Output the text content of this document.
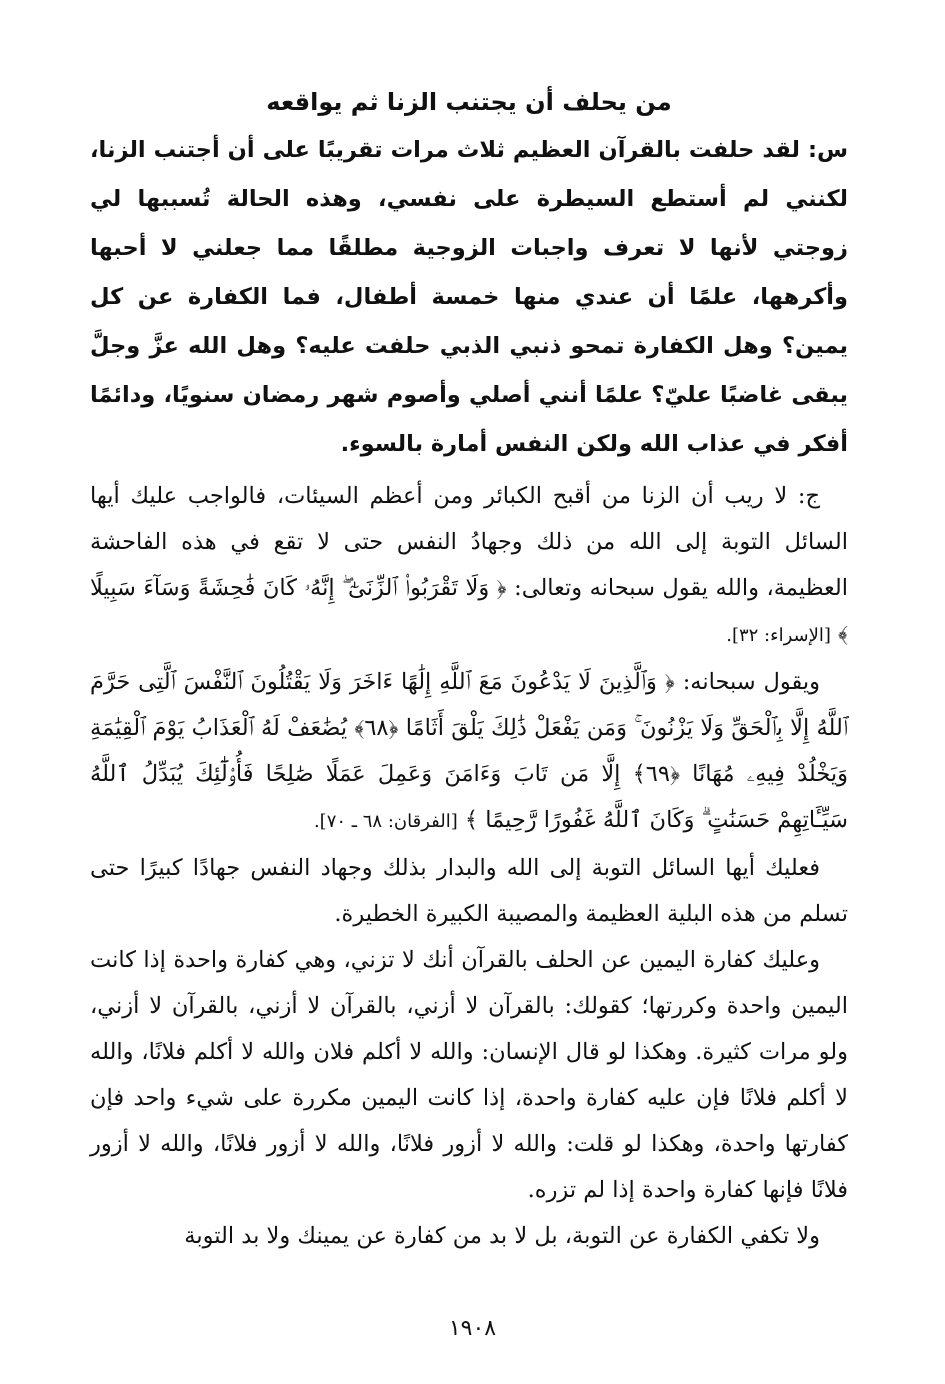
من يحلف أن يجتنب الزنا ثم يواقعه

س: لقد حلفت بالقرآن العظيم ثلاث مرات تقريبًا على أن أجتنب الزنا، لكنني لم أستطع السيطرة على نفسي، وهذه الحالة تُسببها لي زوجتي لأنها لا تعرف واجبات الزوجية مطلقًا مما جعلني لا أحبها وأكرهها، علمًا أن عندي منها خمسة أطفال، فما الكفارة عن كل يمين؟ وهل الكفارة تمحو ذنبي الذبي حلفت عليه؟ وهل الله عزَّ وجلَّ يبقى غاضبًا عليّ؟ علمًا أنني أصلي وأصوم شهر رمضان سنويًا، ودائمًا أفكر في عذاب الله ولكن النفس أمارة بالسوء.

ج: لا ريب أن الزنا من أقبح الكبائر ومن أعظم السيئات، فالواجب عليك أيها السائل التوبة إلى الله من ذلك وجهادُ النفس حتى لا تقع في هذه الفاحشة العظيمة، والله يقول سبحانه وتعالى: ﴿ وَلَا تَقْرَبُوا۟ ٱلزِّنَىٰٓ ۖ إِنَّهُۥ كَانَ فَٰحِشَةً وَسَآءَ سَبِيلًا ﴾ [الإسراء: ٣٢].

ويقول سبحانه: ﴿ وَٱلَّذِينَ لَا يَدْعُونَ مَعَ ٱللَّهِ إِلَٰهًا ءَاخَرَ وَلَا يَقْتُلُونَ ٱلنَّفْسَ ٱلَّتِى حَرَّمَ ٱللَّهُ إِلَّا بِٱلْحَقِّ وَلَا يَزْنُونَ ۚ وَمَن يَفْعَلْ ذَٰلِكَ يَلْقَ أَثَامًا ﴿٦٨﴾ يُضَٰعَفْ لَهُ ٱلْعَذَابُ يَوْمَ ٱلْقِيَٰمَةِ وَيَخْلُدْ فِيهِۦ مُهَانًا ﴿٦٩﴾ إِلَّا مَن تَابَ وَءَامَنَ وَعَمِلَ عَمَلًا صَٰلِحًا فَأُو۟لَٰٓئِكَ يُبَدِّلُ ٱللَّهُ سَيِّـَٔاتِهِمْ حَسَنَٰتٍ ۗ وَكَانَ ٱللَّهُ غَفُورًا رَّحِيمًا ﴾ [الفرقان: ٦٨ ـ ٧٠].

فعليك أيها السائل التوبة إلى الله والبدار بذلك وجهاد النفس جهادًا كبيرًا حتى تسلم من هذه البلية العظيمة والمصيبة الكبيرة الخطيرة.

وعليك كفارة اليمين عن الحلف بالقرآن أنك لا تزني، وهي كفارة واحدة إذا كانت اليمين واحدة وكررتها؛ كقولك: بالقرآن لا أزني، بالقرآن لا أزني، بالقرآن لا أزني، ولو مرات كثيرة. وهكذا لو قال الإنسان: والله لا أكلم فلان والله لا أكلم فلانًا، والله لا أكلم فلانًا فإن عليه كفارة واحدة، إذا كانت اليمين مكررة على شيء واحد فإن كفارتها واحدة، وهكذا لو قلت: والله لا أزور فلانًا، والله لا أزور فلانًا، والله لا أزور فلانًا فإنها كفارة واحدة إذا لم تزره.

ولا تكفي الكفارة عن التوبة، بل لا بد من كفارة عن يمينك ولا بد التوبة

١٩٠٨
